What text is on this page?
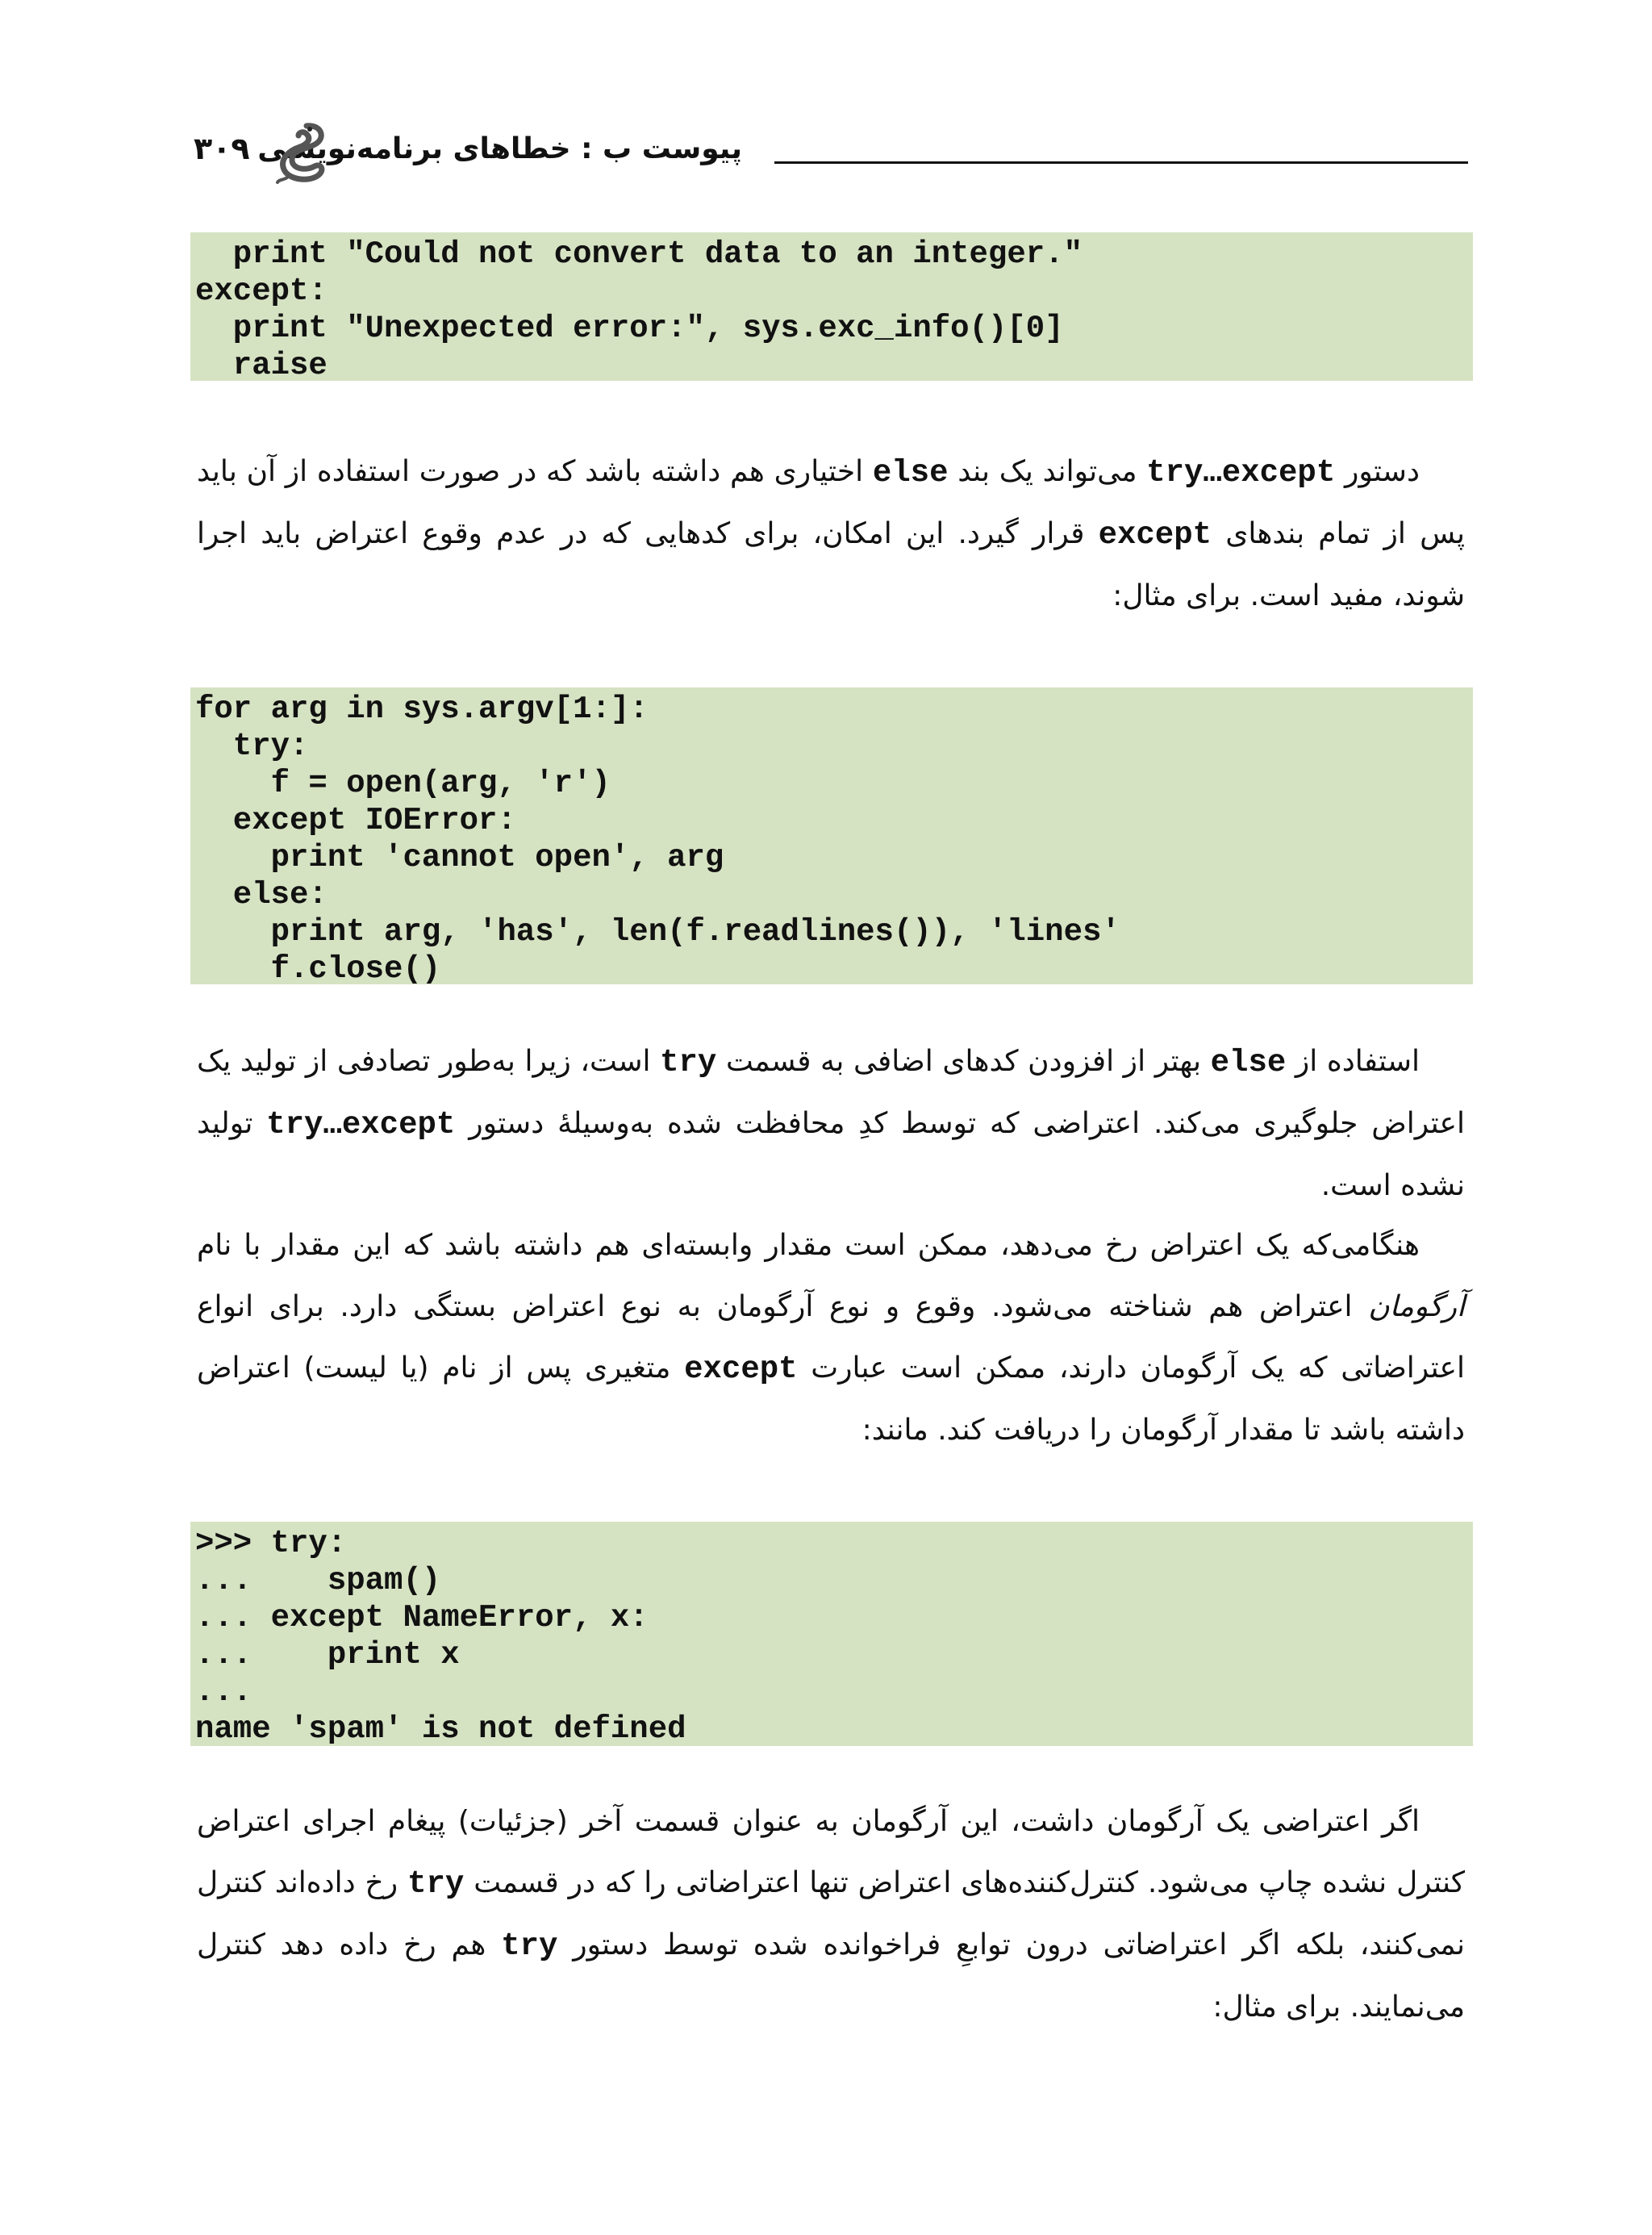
پیوست ب : خطاهای برنامه‌نویسی
۳۰۹
print "Could not convert data to an integer."
except:
print "Unexpected error:", sys.exc_info()[0]
raise

دستور try…except می‌تواند یک بند else اختیاری هم داشته باشد که در صورت استفاده از آن باید پس از تمام بندهای except قرار گیرد. این امکان، برای کدهایی که در عدم وقوع اعتراض باید اجرا شوند، مفید است. برای مثال:

for arg in sys.argv[1:]:
try:
f = open(arg, 'r')
except IOError:
print 'cannot open', arg
else:
print arg, 'has', len(f.readlines()), 'lines'
f.close()

استفاده از else بهتر از افزودن کدهای اضافی به قسمت try است، زیرا به‌طور تصادفی از تولید یک اعتراض جلوگیری می‌کند. اعتراضی که توسط کدِ محافظت شده به‌وسیلهٔ دستور try…except تولید نشده است.

هنگامی‌که یک اعتراض رخ می‌دهد، ممکن است مقدار وابسته‌ای هم داشته باشد که این مقدار با نام آرگومان اعتراض هم شناخته می‌شود. وقوع و نوع آرگومان به نوع اعتراض بستگی دارد. برای انواع اعتراضاتی که یک آرگومان دارند، ممکن است عبارت except متغیری پس از نام (یا لیست) اعتراض داشته باشد تا مقدار آرگومان را دریافت کند. مانند:

>>> try:
...    spam()
... except NameError, x:
...    print x
...
name 'spam' is not defined

اگر اعتراضی یک آرگومان داشت، این آرگومان به عنوان قسمت آخر (جزئیات) پیغام اجرای اعتراض کنترل نشده چاپ می‌شود. کنترل‌کننده‌های اعتراض تنها اعتراضاتی را که در قسمت try رخ داده‌اند کنترل نمی‌کنند، بلکه اگر اعتراضاتی درون توابعِ فراخوانده شده توسط دستور try هم رخ داده دهد کنترل می‌نمایند. برای مثال:
